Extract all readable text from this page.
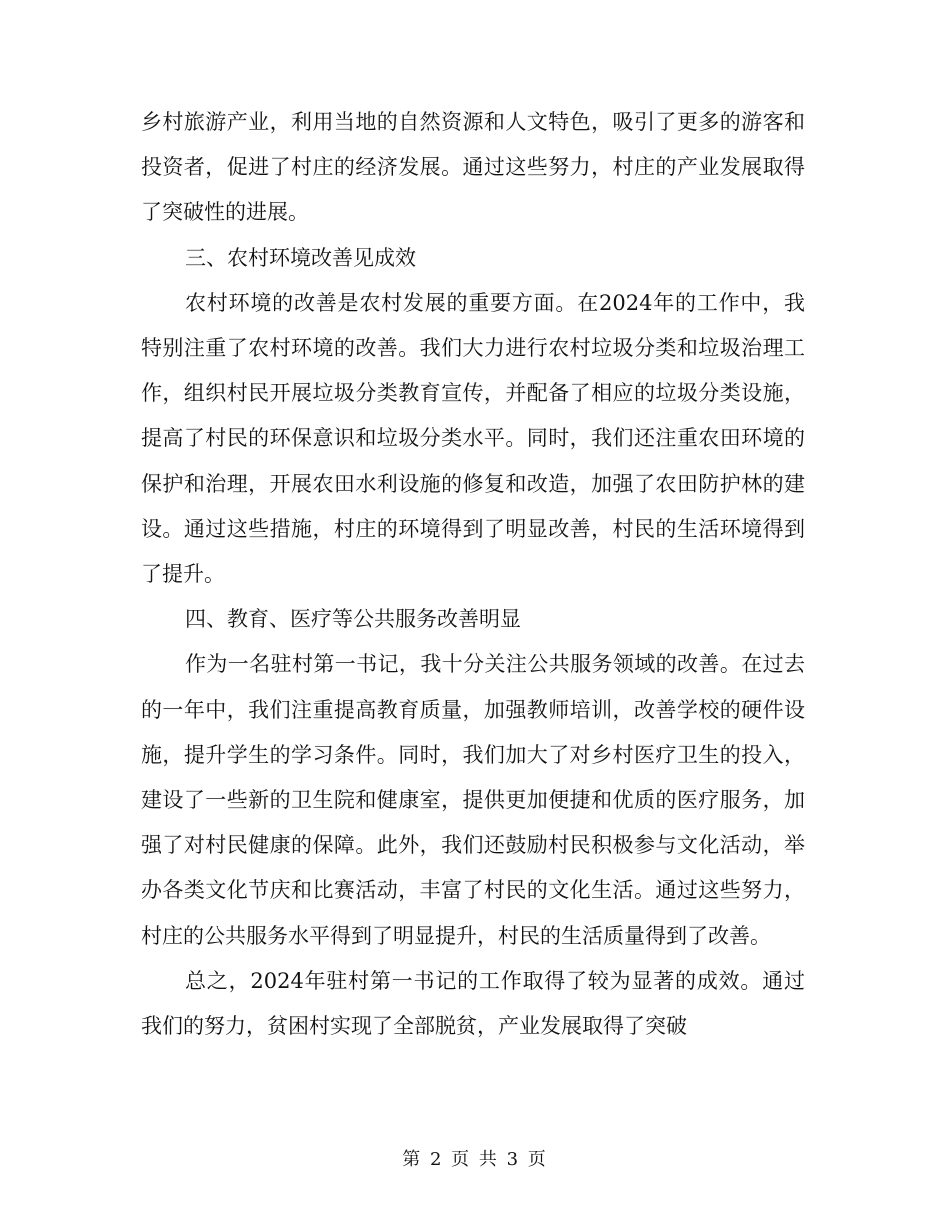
乡村旅游产业，利用当地的自然资源和人文特色，吸引了更多的游客和投资者，促进了村庄的经济发展。通过这些努力，村庄的产业发展取得了突破性的进展。

三、农村环境改善见成效

农村环境的改善是农村发展的重要方面。在2024年的工作中，我特别注重了农村环境的改善。我们大力进行农村垃圾分类和垃圾治理工作，组织村民开展垃圾分类教育宣传，并配备了相应的垃圾分类设施，提高了村民的环保意识和垃圾分类水平。同时，我们还注重农田环境的保护和治理，开展农田水利设施的修复和改造，加强了农田防护林的建设。通过这些措施，村庄的环境得到了明显改善，村民的生活环境得到了提升。

四、教育、医疗等公共服务改善明显

作为一名驻村第一书记，我十分关注公共服务领域的改善。在过去的一年中，我们注重提高教育质量，加强教师培训，改善学校的硬件设施，提升学生的学习条件。同时，我们加大了对乡村医疗卫生的投入，建设了一些新的卫生院和健康室，提供更加便捷和优质的医疗服务，加强了对村民健康的保障。此外，我们还鼓励村民积极参与文化活动，举办各类文化节庆和比赛活动，丰富了村民的文化生活。通过这些努力，村庄的公共服务水平得到了明显提升，村民的生活质量得到了改善。

总之，2024年驻村第一书记的工作取得了较为显著的成效。通过我们的努力，贫困村实现了全部脱贫，产业发展取得了突破

第 2 页 共 3 页
